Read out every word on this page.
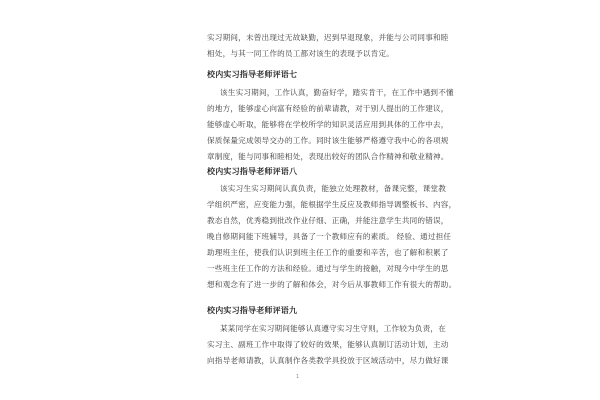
实习期间，未曾出现过无故缺勤，迟到早退现象，并能与公司同事和睦
相处，与其一同工作的员工都对该生的表现予以肯定。
校内实习指导老师评语七
该生实习期间，工作认真，勤奋好学，踏实肯干，在工作中遇到不懂
的地方，能够虚心向富有经验的前辈请教，对于别人提出的工作建议，
能够虚心听取，能够将在学校所学的知识灵活应用到具体的工作中去，
保质保量完成领导交办的工作。同时该生能够严格遵守我中心的各项规
章制度，能与同事和睦相处，表现出较好的团队合作精神和敬业精神。
校内实习指导老师评语八
该实习生实习期间认真负责，能独立处理教材，备课完整，课堂教
学组织严密，应变能力强，能根据学生反应及教师指导调整板书、内容，
教态自然，优秀稳到批改作业仔细、正确，并能注意学生共同的错误，
晚自修期间能下班辅导，具备了一个教师应有的素质。 经验、通过担任
助理班主任，使我们认识到班主任工作的重要和辛苦，也了解和积累了
一些班主任工作的方法和经验。通过与学生的接触，对现今中学生的思
想和观念有了进一步的了解和体会，对今后从事教师工作有很大的帮助。
校内实习指导老师评语九
某某同学在实习期间能够认真遵守实习生守则，工作较为负责，在
实习主、副班工作中取得了较好的效果，能够认真制订活动计划，主动
向指导老师请教，认真制作各类教学具投放于区域活动中，尽力做好课
1
